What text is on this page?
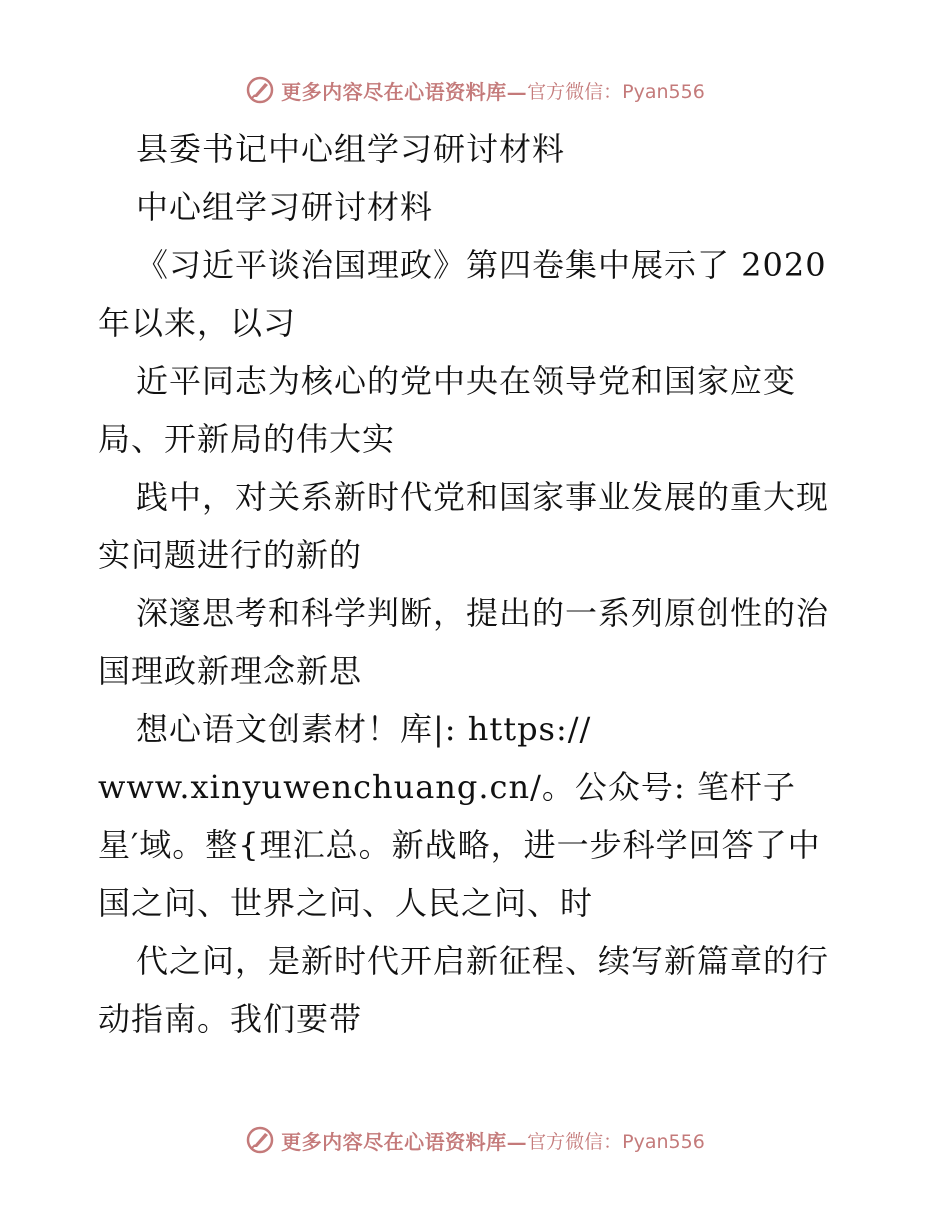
更多内容尽在心语资料库— 官方微信：Pyan556
县委书记中心组学习研讨材料
中心组学习研讨材料
《习近平谈治国理政》第四卷集中展示了 2020
年以来，以习
近平同志为核心的党中央在领导党和国家应变
局、开新局的伟大实
践中，对关系新时代党和国家事业发展的重大现
实问题进行的新的
深邃思考和科学判断，提出的一系列原创性的治
国理政新理念新思
想心语文创素材！库|: https://
www.xinyuwenchuang.cn/。公众号: 笔杆子
星′域。整{理汇总。新战略，进一步科学回答了中
国之问、世界之问、人民之问、时
代之问，是新时代开启新征程、续写新篇章的行
动指南。我们要带
更多内容尽在心语资料库— 官方微信：Pyan556
